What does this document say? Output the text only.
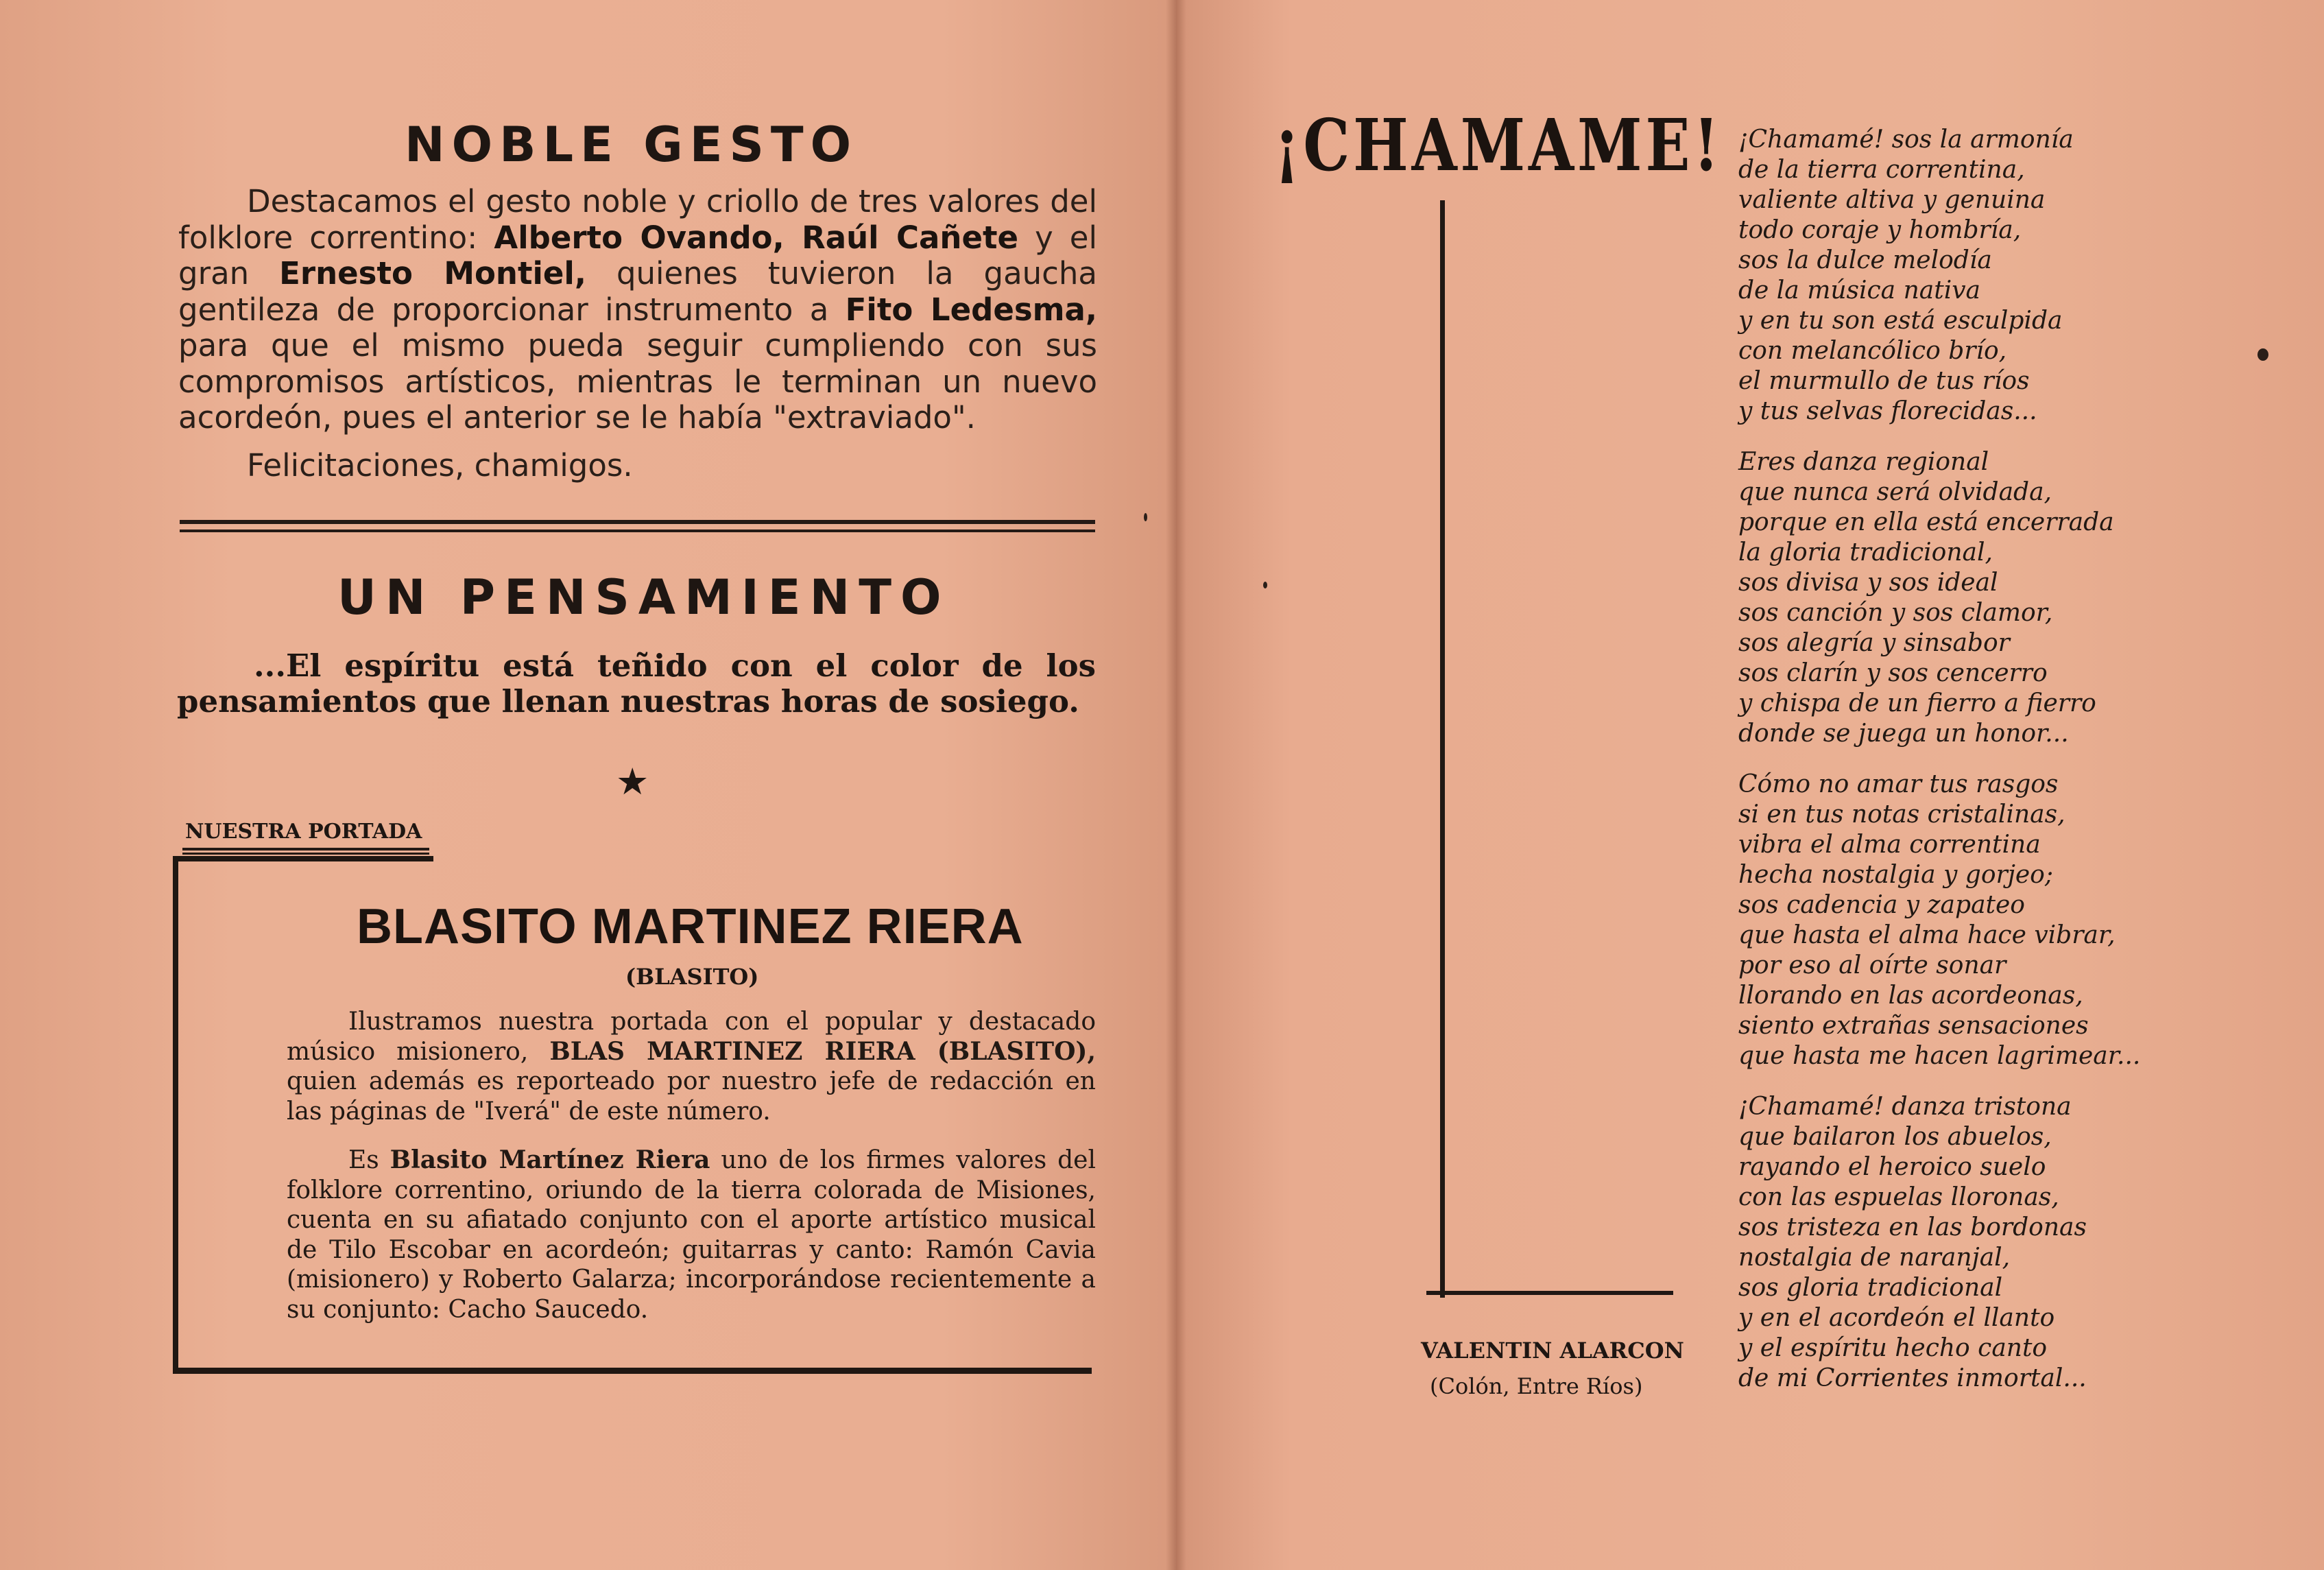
NOBLE GESTO
Destacamos el gesto noble y criollo de tres valores del folklore correntino: Alberto Ovando, Raúl Cañete y el gran Ernesto Montiel, quienes tuvieron la gaucha gentileza de proporcionar instrumento a Fito Ledesma, para que el mismo pueda seguir cumpliendo con sus compromisos artísticos, mientras le terminan un nuevo acordeón, pues el anterior se le había "extraviado".
Felicitaciones, chamigos.
UN PENSAMIENTO
...El espíritu está teñido con el color de los pensamientos que llenan nuestras horas de sosiego.
★
NUESTRA PORTADA
BLASITO MARTINEZ RIERA
(BLASITO)
Ilustramos nuestra portada con el popular y destacado músico misionero, BLAS MARTINEZ RIERA (BLASITO), quien además es reporteado por nuestro jefe de redacción en las páginas de "Iverá" de este número.
Es Blasito Martínez Riera uno de los firmes valores del folklore correntino, oriundo de la tierra colorada de Misiones, cuenta en su afiatado conjunto con el aporte artístico musical de Tilo Escobar en acordeón; guitarras y canto: Ramón Cavia (misionero) y Roberto Galarza; incorporándose recientemente a su conjunto: Cacho Saucedo.
¡CHAMAME!
VALENTIN ALARCON
(Colón, Entre Ríos)
¡Chamamé! sos la armonía
de la tierra correntina,
valiente altiva y genuina
todo coraje y hombría,
sos la dulce melodía
de la música nativa
y en tu son está esculpida
con melancólico brío,
el murmullo de tus ríos
y tus selvas florecidas...
Eres danza regional
que nunca será olvidada,
porque en ella está encerrada
la gloria tradicional,
sos divisa y sos ideal
sos canción y sos clamor,
sos alegría y sinsabor
sos clarín y sos cencerro
y chispa de un fierro a fierro
donde se juega un honor...
Cómo no amar tus rasgos
si en tus notas cristalinas,
vibra el alma correntina
hecha nostalgia y gorjeo;
sos cadencia y zapateo
que hasta el alma hace vibrar,
por eso al oírte sonar
llorando en las acordeonas,
siento extrañas sensaciones
que hasta me hacen lagrimear...
¡Chamamé! danza tristona
que bailaron los abuelos,
rayando el heroico suelo
con las espuelas lloronas,
sos tristeza en las bordonas
nostalgia de naranjal,
sos gloria tradicional
y en el acordeón el llanto
y el espíritu hecho canto
de mi Corrientes inmortal...
